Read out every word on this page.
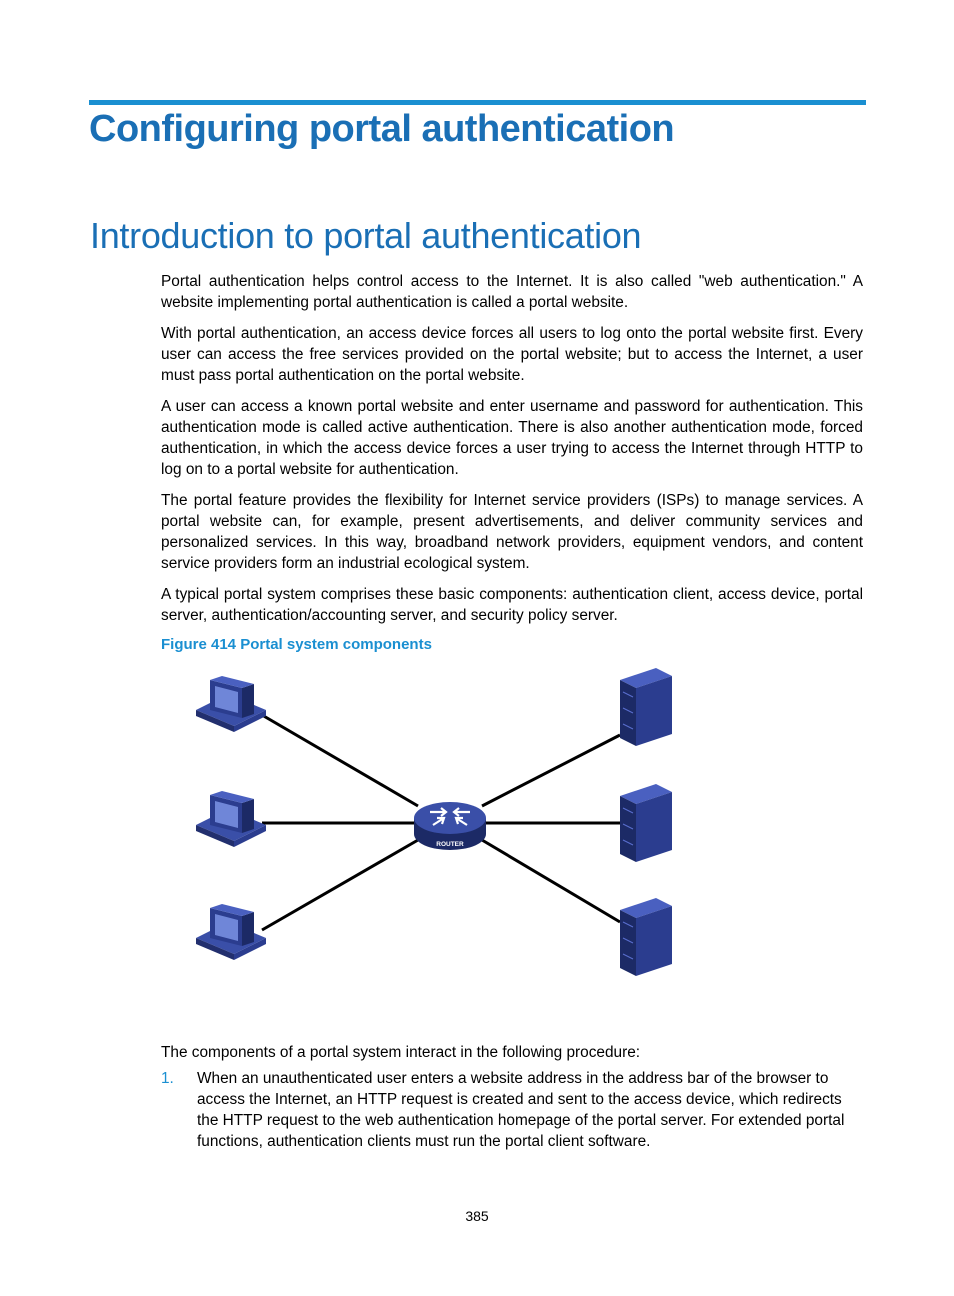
Configuring portal authentication
Introduction to portal authentication

Portal authentication helps control access to the Internet. It is also called "web authentication." A website implementing portal authentication is called a portal website.

With portal authentication, an access device forces all users to log onto the portal website first. Every user can access the free services provided on the portal website; but to access the Internet, a user must pass portal authentication on the portal website.

A user can access a known portal website and enter username and password for authentication. This authentication mode is called active authentication. There is also another authentication mode, forced authentication, in which the access device forces a user trying to access the Internet through HTTP to log on to a portal website for authentication.

The portal feature provides the flexibility for Internet service providers (ISPs) to manage services. A portal website can, for example, present advertisements, and deliver community services and personalized services. In this way, broadband network providers, equipment vendors, and content service providers form an industrial ecological system.

A typical portal system comprises these basic components: authentication client, access device, portal server, authentication/accounting server, and security policy server.

Figure 414 Portal system components

ROUTER

The components of a portal system interact in the following procedure:

1. When an unauthenticated user enters a website address in the address bar of the browser to access the Internet, an HTTP request is created and sent to the access device, which redirects the HTTP request to the web authentication homepage of the portal server. For extended portal functions, authentication clients must run the portal client software.
385
